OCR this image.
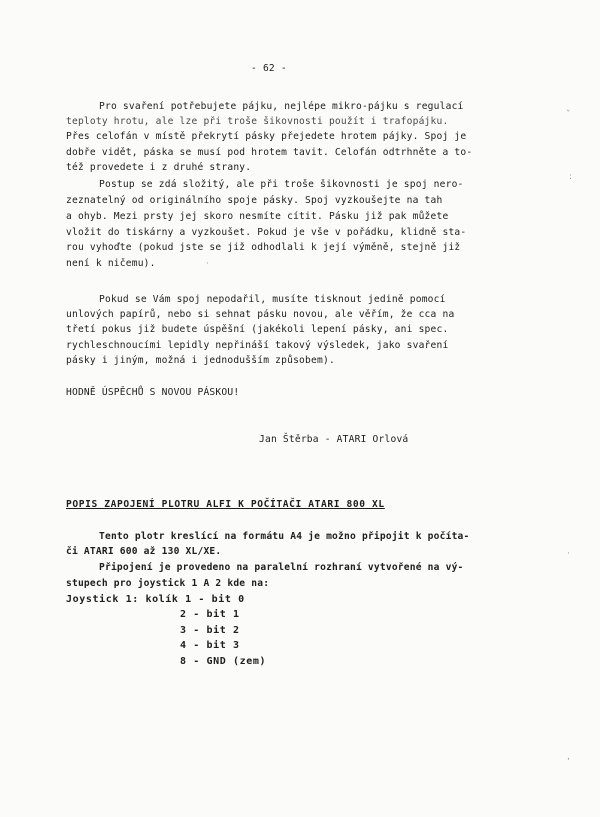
- 62 -
Pro svaření potřebujete pájku, nejlépe mikro-pájku s regulací
teploty hrotu, ale lze při troše šikovnosti použít i trafopájku.
Přes celofán v místě překrytí pásky přejedete hrotem pájky. Spoj je
dobře vidět, páska se musí pod hrotem tavit. Celofán odtrhněte a to-
též provedete i z druhé strany.
Postup se zdá složitý, ale při troše šikovnosti je spoj nero-
zeznatelný od originálního spoje pásky. Spoj vyzkoušejte na tah
a ohyb. Mezi prsty jej skoro nesmíte cítit. Pásku již pak můžete
vložit do tiskárny a vyzkoušet. Pokud je vše v pořádku, klidně sta-
rou vyhoďte (pokud jste se již odhodlali k její výměně, stejně již
není k ničemu).
Pokud se Vám spoj nepodařil, musíte tisknout jedině pomocí
unlových papírů, nebo si sehnat pásku novou, ale věřím, že cca na
třetí pokus již budete úspěšní (jakékoli lepení pásky, ani spec.
rychleschnoucími lepidly nepřináší takový výsledek, jako svaření
pásky i jiným, možná i jednodušším způsobem).
HODNĚ ÚSPĚCHŮ S NOVOU PÁSKOU!
Jan Štěrba - ATARI Orlová
POPIS ZAPOJENÍ PLOTRU ALFI K POČÍTAČI ATARI 800 XL
Tento plotr kreslící na formátu A4 je možno připojit k počíta-
či ATARI 600 až 130 XL/XE.
Připojení je provedeno na paralelní rozhraní vytvořené na vý-
stupech pro joystick 1 A 2 kde na:
Joystick 1: kolík 1 - bit 0
2 - bit 1
3 - bit 2
4 - bit 3
8 - GND (zem)
ˇ
:
·
·
‚
